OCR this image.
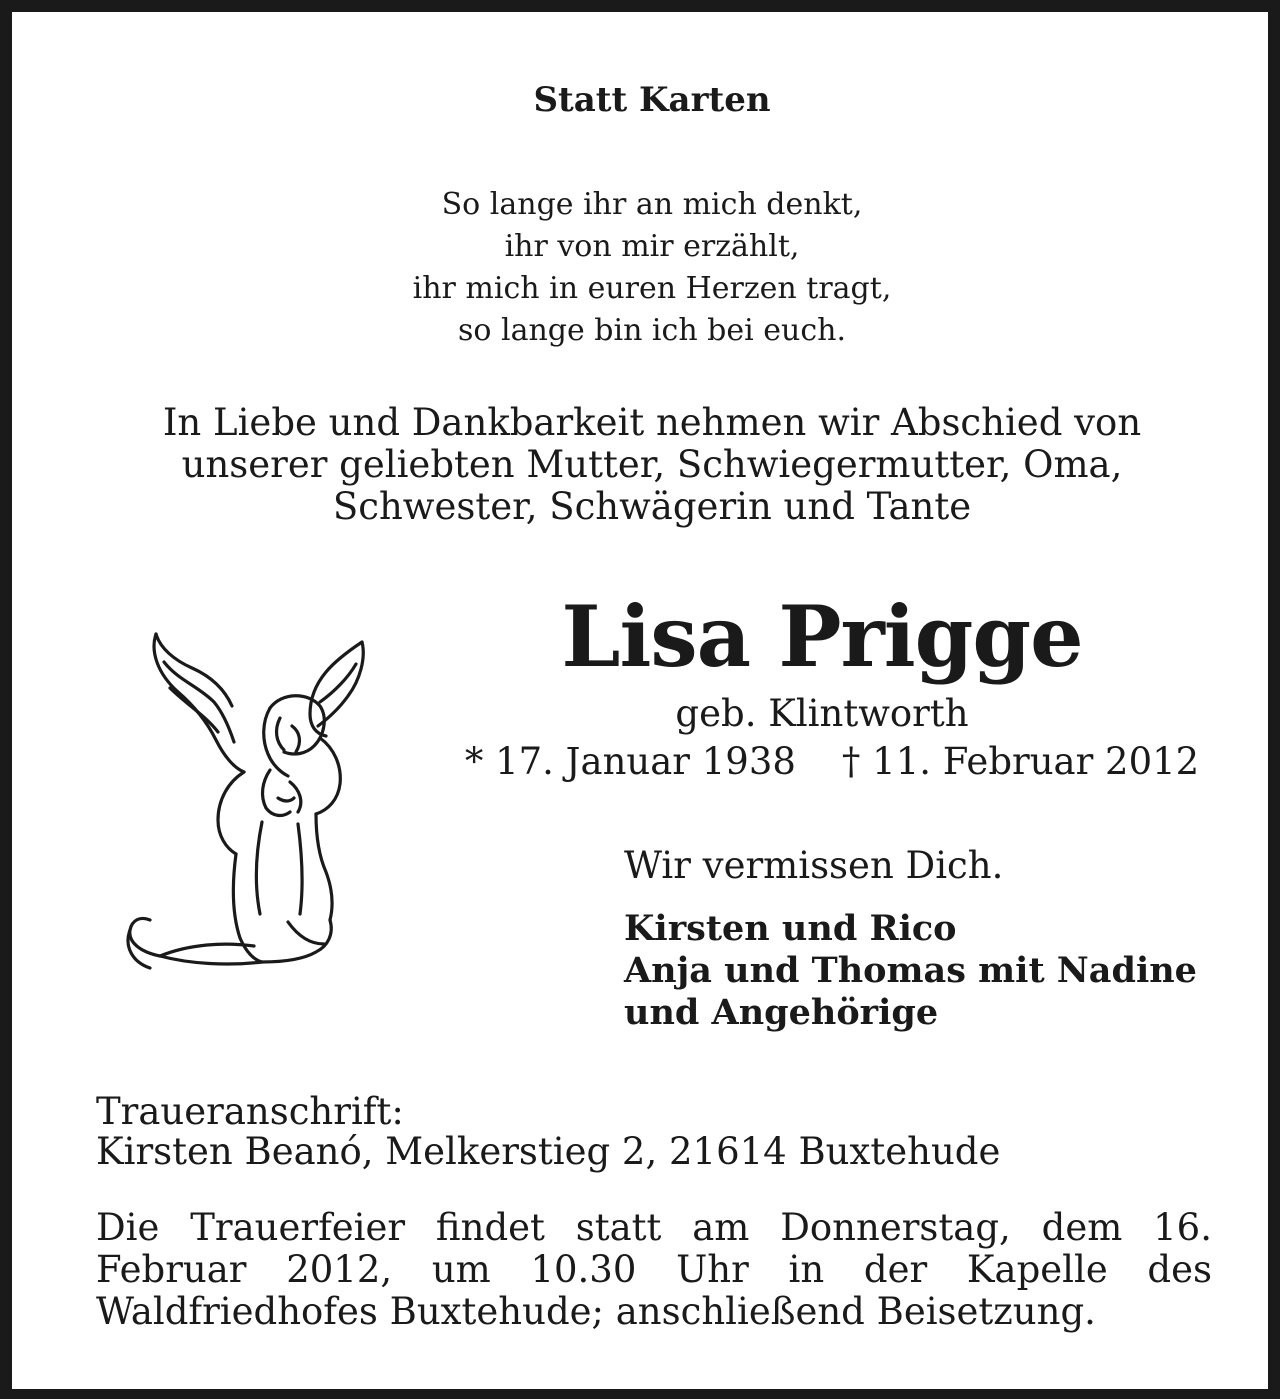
Statt Karten
So lange ihr an mich denkt,
ihr von mir erzählt,
ihr mich in euren Herzen tragt,
so lange bin ich bei euch.
In Liebe und Dankbarkeit nehmen wir Abschied von
unserer geliebten Mutter, Schwiegermutter, Oma,
Schwester, Schwägerin und Tante
Lisa Prigge
geb. Klintworth
* 17. Januar 1938 † 11. Februar 2012
Wir vermissen Dich.
Kirsten und Rico
Anja und Thomas mit Nadine
und Angehörige
Traueranschrift:
Kirsten Beanó, Melkerstieg 2, 21614 Buxtehude
Die Trauerfeier findet statt am Donnerstag, dem 16. Februar 2012, um 10.30 Uhr in der Kapelle des Waldfriedhofes Buxtehude; anschließend Beisetzung.
